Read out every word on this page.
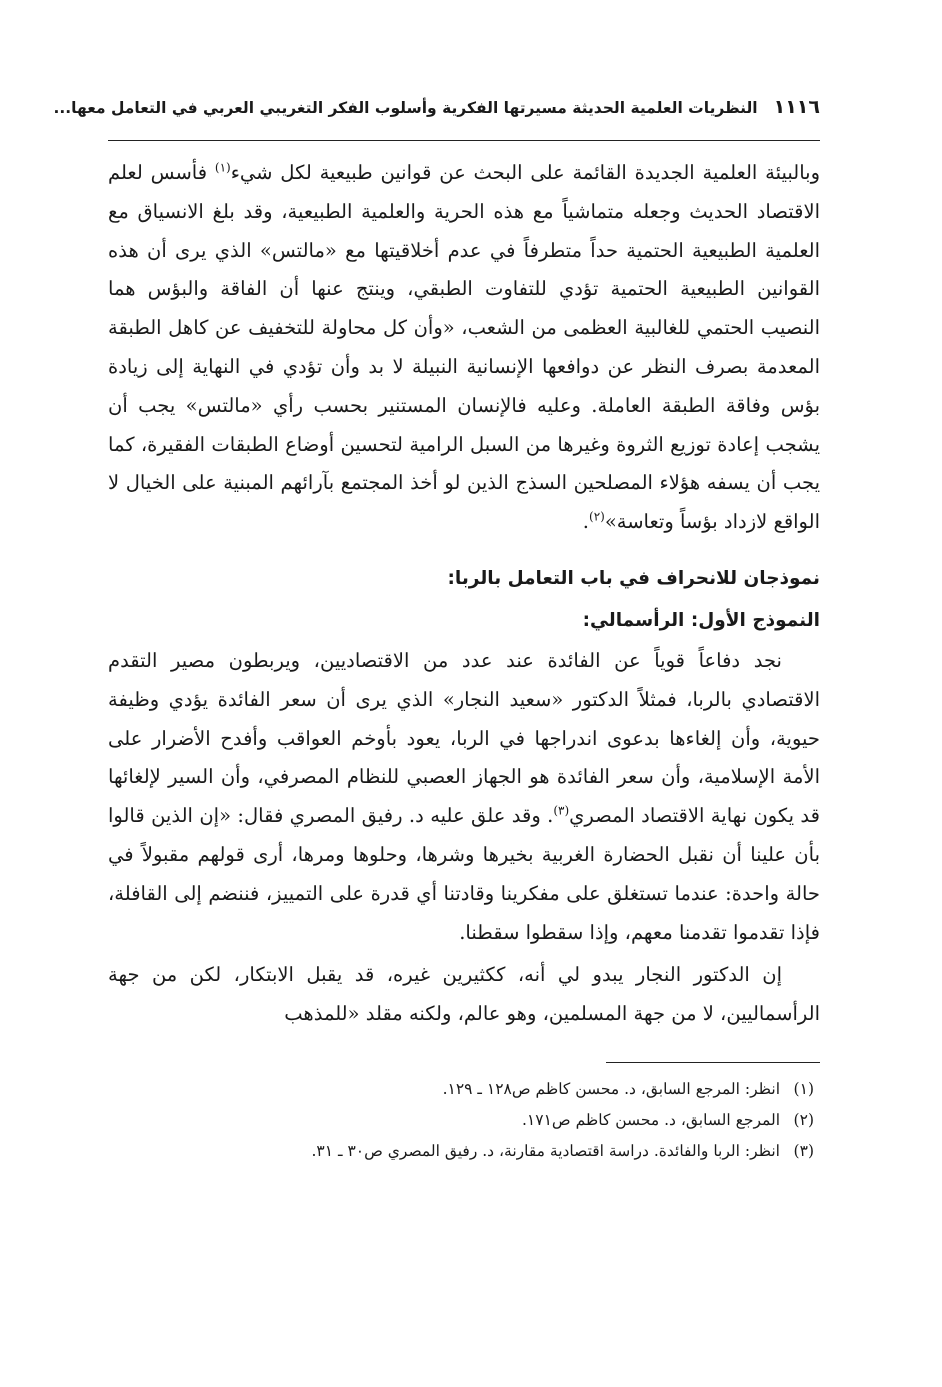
١١١٦
النظريات العلمية الحديثة مسيرتها الفكرية وأسلوب الفكر التغريبي العربي في التعامل معها...

وبالبيئة العلمية الجديدة القائمة على البحث عن قوانين طبيعية لكل شيء$^{(١)}$ فأسس لعلم الاقتصاد الحديث وجعله متماشياً مع هذه الحرية والعلمية الطبيعية، وقد بلغ الانسياق مع العلمية الطبيعية الحتمية حداً متطرفاً في عدم أخلاقيتها مع «مالتس» الذي يرى أن هذه القوانين الطبيعية الحتمية تؤدي للتفاوت الطبقي، وينتج عنها أن الفاقة والبؤس هما النصيب الحتمي للغالبية العظمى من الشعب، «وأن كل محاولة للتخفيف عن كاهل الطبقة المعدمة بصرف النظر عن دوافعها الإنسانية النبيلة لا بد وأن تؤدي في النهاية إلى زيادة بؤس وفاقة الطبقة العاملة. وعليه فالإنسان المستنير بحسب رأي «مالتس» يجب أن يشجب إعادة توزيع الثروة وغيرها من السبل الرامية لتحسين أوضاع الطبقات الفقيرة، كما يجب أن يسفه هؤلاء المصلحين السذج الذين لو أخذ المجتمع بآرائهم المبنية على الخيال لا الواقع لازداد بؤساً وتعاسة»$^{(٢)}$.

نموذجان للانحراف في باب التعامل بالربا:
النموذج الأول: الرأسمالي:

نجد دفاعاً قوياً عن الفائدة عند عدد من الاقتصاديين، ويربطون مصير التقدم الاقتصادي بالربا، فمثلاً الدكتور «سعيد النجار» الذي يرى أن سعر الفائدة يؤدي وظيفة حيوية، وأن إلغاءها بدعوى اندراجها في الربا، يعود بأوخم العواقب وأفدح الأضرار على الأمة الإسلامية، وأن سعر الفائدة هو الجهاز العصبي للنظام المصرفي، وأن السير لإلغائها قد يكون نهاية الاقتصاد المصري$^{(٣)}$. وقد علق عليه د. رفيق المصري فقال: «إن الذين قالوا بأن علينا أن نقبل الحضارة الغربية بخيرها وشرها، وحلوها ومرها، أرى قولهم مقبولاً في حالة واحدة: عندما تستغلق على مفكرينا وقادتنا أي قدرة على التمييز، فننضم إلى القافلة، فإذا تقدموا تقدمنا معهم، وإذا سقطوا سقطنا.

إن الدكتور النجار يبدو لي أنه، ككثيرين غيره، قد يقبل الابتكار، لكن من جهة الرأسماليين، لا من جهة المسلمين، وهو عالم، ولكنه مقلد «للمذهب

(١)
انظر: المرجع السابق، د. محسن كاظم ص١٢٨ ـ ١٢٩.
(٢)
المرجع السابق، د. محسن كاظم ص١٧١.
(٣)
انظر: الربا والفائدة. دراسة اقتصادية مقارنة، د. رفيق المصري ص٣٠ ـ ٣١.
